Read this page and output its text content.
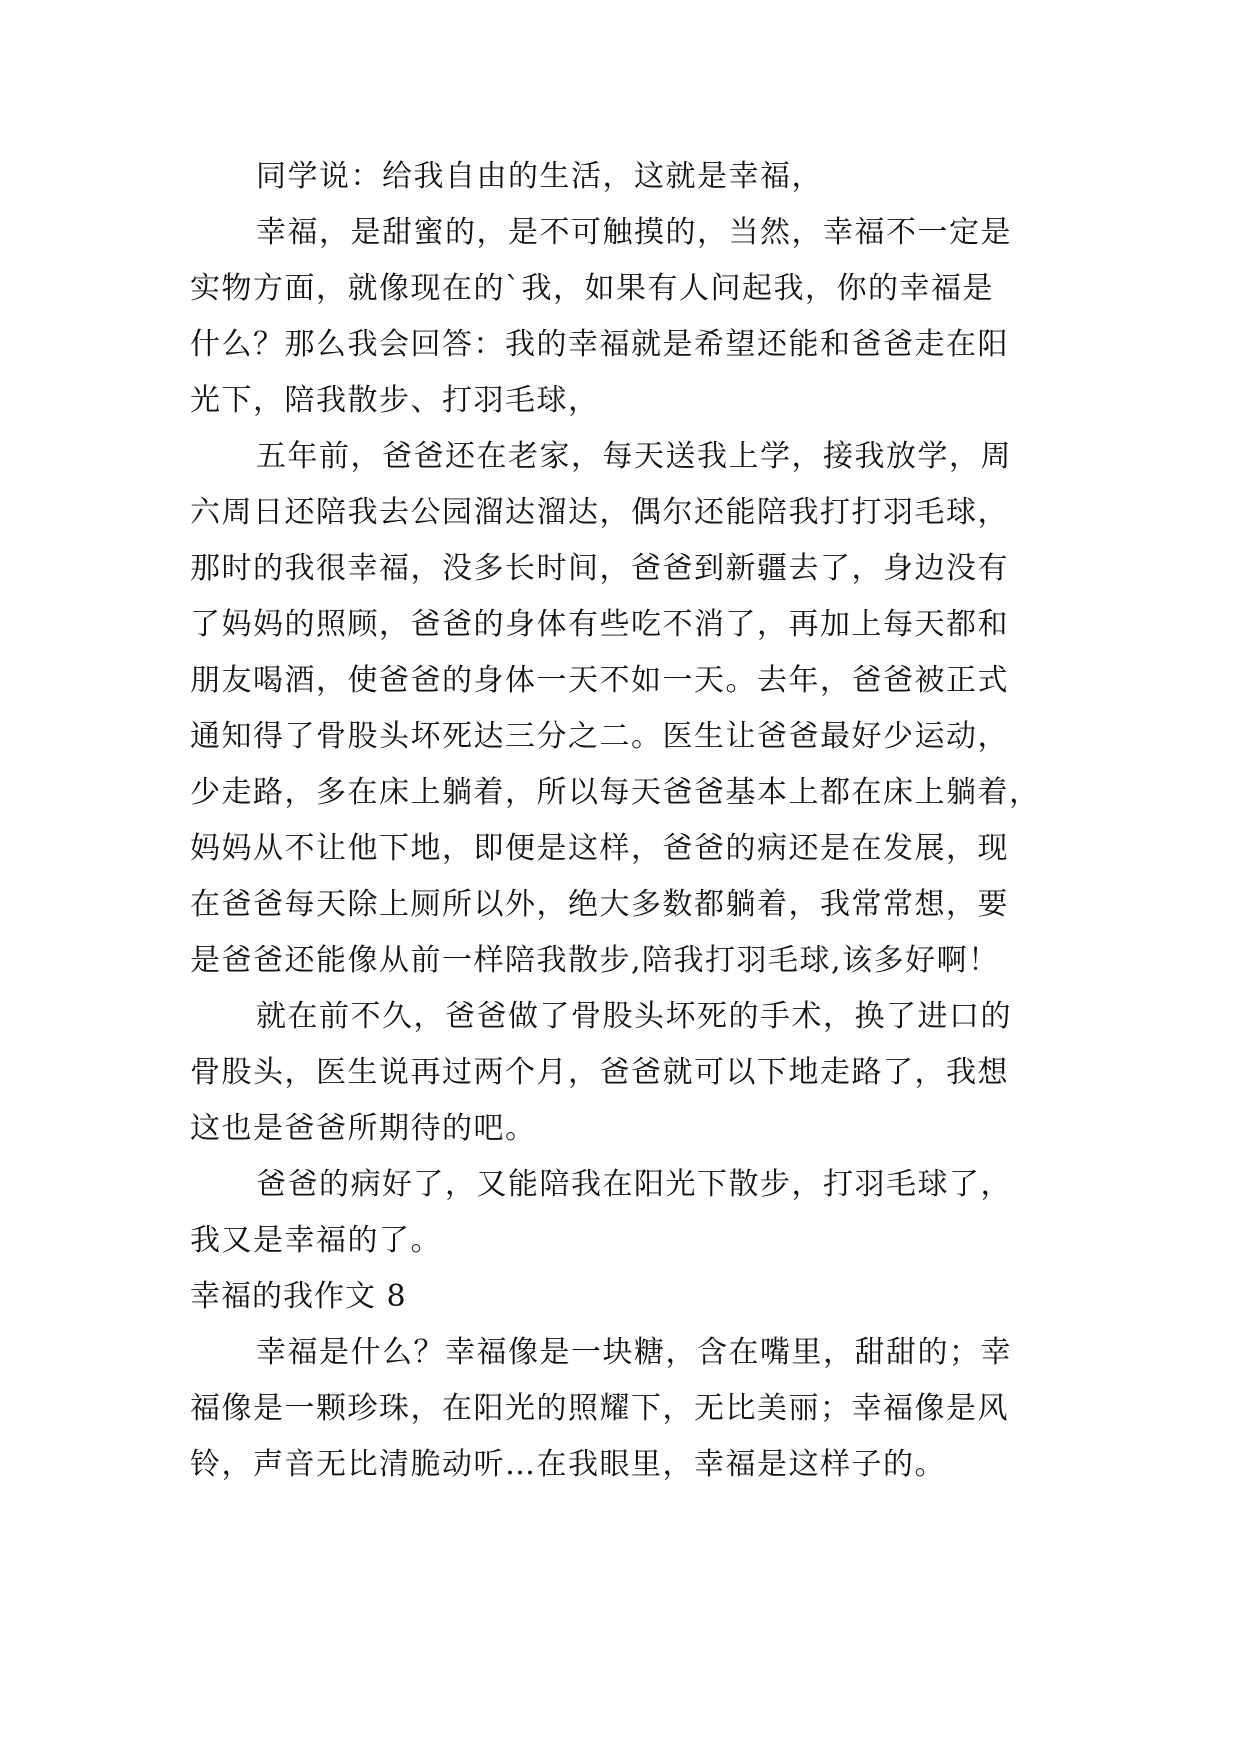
同学说：给我自由的生活，这就是幸福，
幸福，是甜蜜的，是不可触摸的，当然，幸福不一定是
实物方面，就像现在的`我，如果有人问起我，你的幸福是
什么？那么我会回答：我的幸福就是希望还能和爸爸走在阳
光下，陪我散步、打羽毛球，
五年前，爸爸还在老家，每天送我上学，接我放学，周
六周日还陪我去公园溜达溜达，偶尔还能陪我打打羽毛球，
那时的我很幸福，没多长时间，爸爸到新疆去了，身边没有
了妈妈的照顾，爸爸的身体有些吃不消了，再加上每天都和
朋友喝酒，使爸爸的身体一天不如一天。去年，爸爸被正式
通知得了骨股头坏死达三分之二。医生让爸爸最好少运动，
少走路，多在床上躺着，所以每天爸爸基本上都在床上躺着，
妈妈从不让他下地，即便是这样，爸爸的病还是在发展，现
在爸爸每天除上厕所以外，绝大多数都躺着，我常常想，要
是爸爸还能像从前一样陪我散步,陪我打羽毛球,该多好啊！
就在前不久，爸爸做了骨股头坏死的手术，换了进口的
骨股头，医生说再过两个月，爸爸就可以下地走路了，我想
这也是爸爸所期待的吧。
爸爸的病好了，又能陪我在阳光下散步，打羽毛球了，
我又是幸福的了。
幸福的我作文 8
幸福是什么？幸福像是一块糖，含在嘴里，甜甜的；幸
福像是一颗珍珠，在阳光的照耀下，无比美丽；幸福像是风
铃，声音无比清脆动听…在我眼里，幸福是这样子的。
